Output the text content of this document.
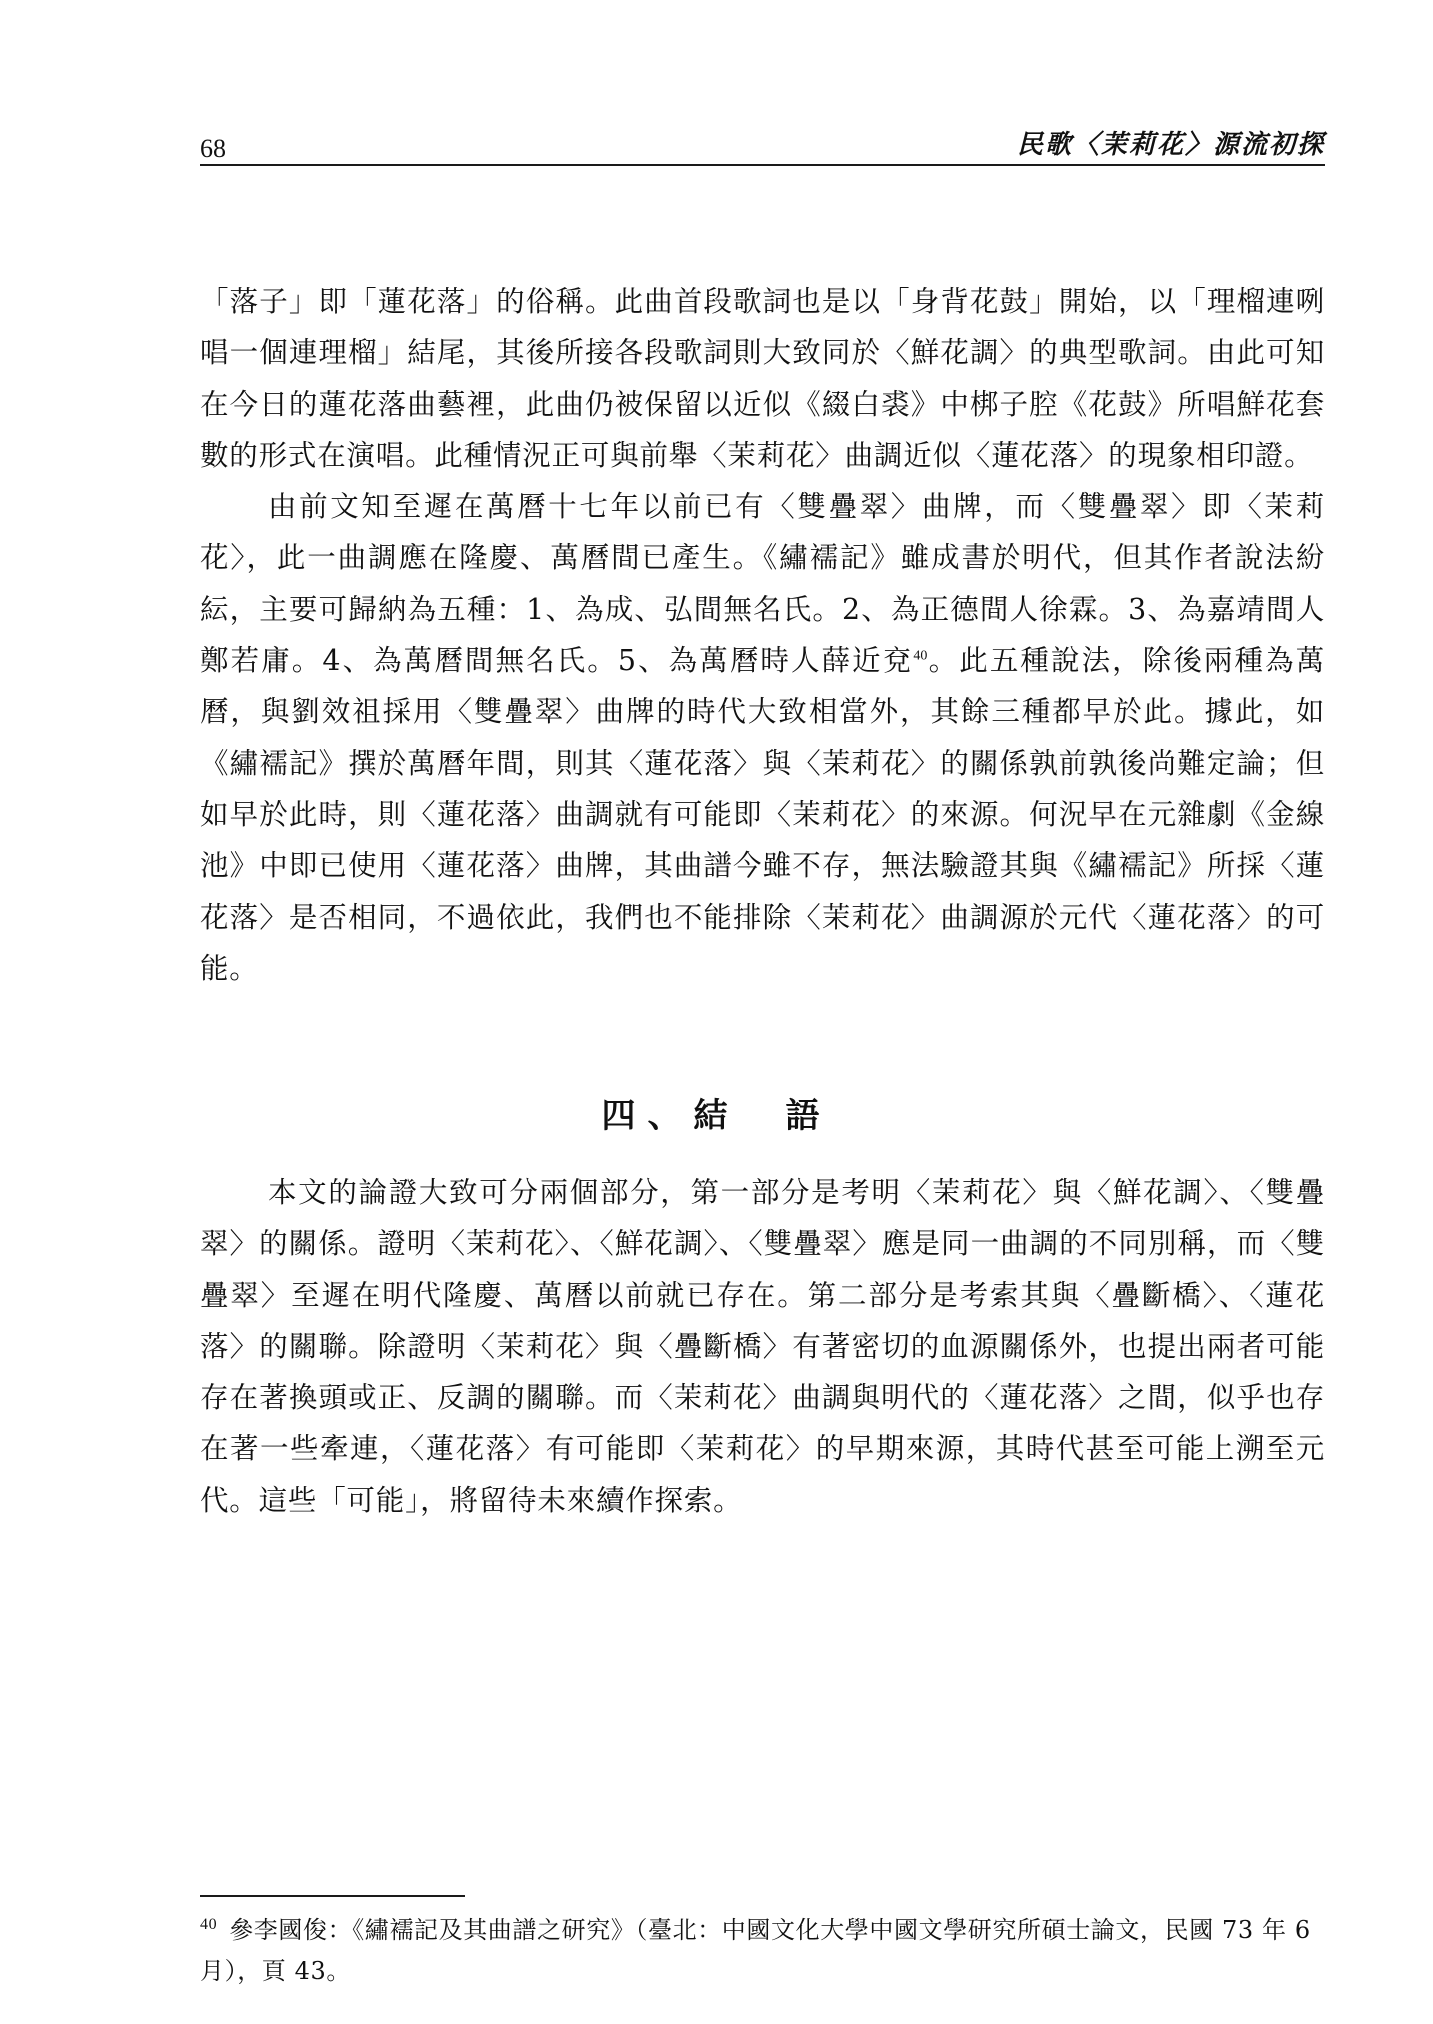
68	民歌〈茉莉花〉源流初探

「落子」即「蓮花落」的俗稱。此曲首段歌詞也是以「身背花鼓」開始，以「理榴連咧唱一個連理榴」結尾，其後所接各段歌詞則大致同於〈鮮花調〉的典型歌詞。由此可知在今日的蓮花落曲藝裡，此曲仍被保留以近似《綴白裘》中梆子腔《花鼓》所唱鮮花套數的形式在演唱。此種情況正可與前舉〈茉莉花〉曲調近似〈蓮花落〉的現象相印證。

由前文知至遲在萬曆十七年以前已有〈雙疊翠〉曲牌，而〈雙疊翠〉即〈茉莉花〉，此一曲調應在隆慶、萬曆間已產生。《繡襦記》雖成書於明代，但其作者說法紛紜，主要可歸納為五種：1、為成、弘間無名氏。2、為正德間人徐霖。3、為嘉靖間人鄭若庸。4、為萬曆間無名氏。5、為萬曆時人薛近兗$^{40}$。此五種說法，除後兩種為萬曆，與劉效祖採用〈雙疊翠〉曲牌的時代大致相當外，其餘三種都早於此。據此，如《繡襦記》撰於萬曆年間，則其〈蓮花落〉與〈茉莉花〉的關係孰前孰後尚難定論；但如早於此時，則〈蓮花落〉曲調就有可能即〈茉莉花〉的來源。何況早在元雜劇《金線池》中即已使用〈蓮花落〉曲牌，其曲譜今雖不存，無法驗證其與《繡襦記》所採〈蓮花落〉是否相同，不過依此，我們也不能排除〈茉莉花〉曲調源於元代〈蓮花落〉的可能。

四、結　語

本文的論證大致可分兩個部分，第一部分是考明〈茉莉花〉與〈鮮花調〉、〈雙疊翠〉的關係。證明〈茉莉花〉、〈鮮花調〉、〈雙疊翠〉應是同一曲調的不同別稱，而〈雙疊翠〉至遲在明代隆慶、萬曆以前就已存在。第二部分是考索其與〈疊斷橋〉、〈蓮花落〉的關聯。除證明〈茉莉花〉與〈疊斷橋〉有著密切的血源關係外，也提出兩者可能存在著換頭或正、反調的關聯。而〈茉莉花〉曲調與明代的〈蓮花落〉之間，似乎也存在著一些牽連，〈蓮花落〉有可能即〈茉莉花〉的早期來源，其時代甚至可能上溯至元代。這些「可能」，將留待未來續作探索。

$^{40}$ 參李國俊：《繡襦記及其曲譜之研究》（臺北：中國文化大學中國文學研究所碩士論文，民國 73 年 6 月），頁 43。
